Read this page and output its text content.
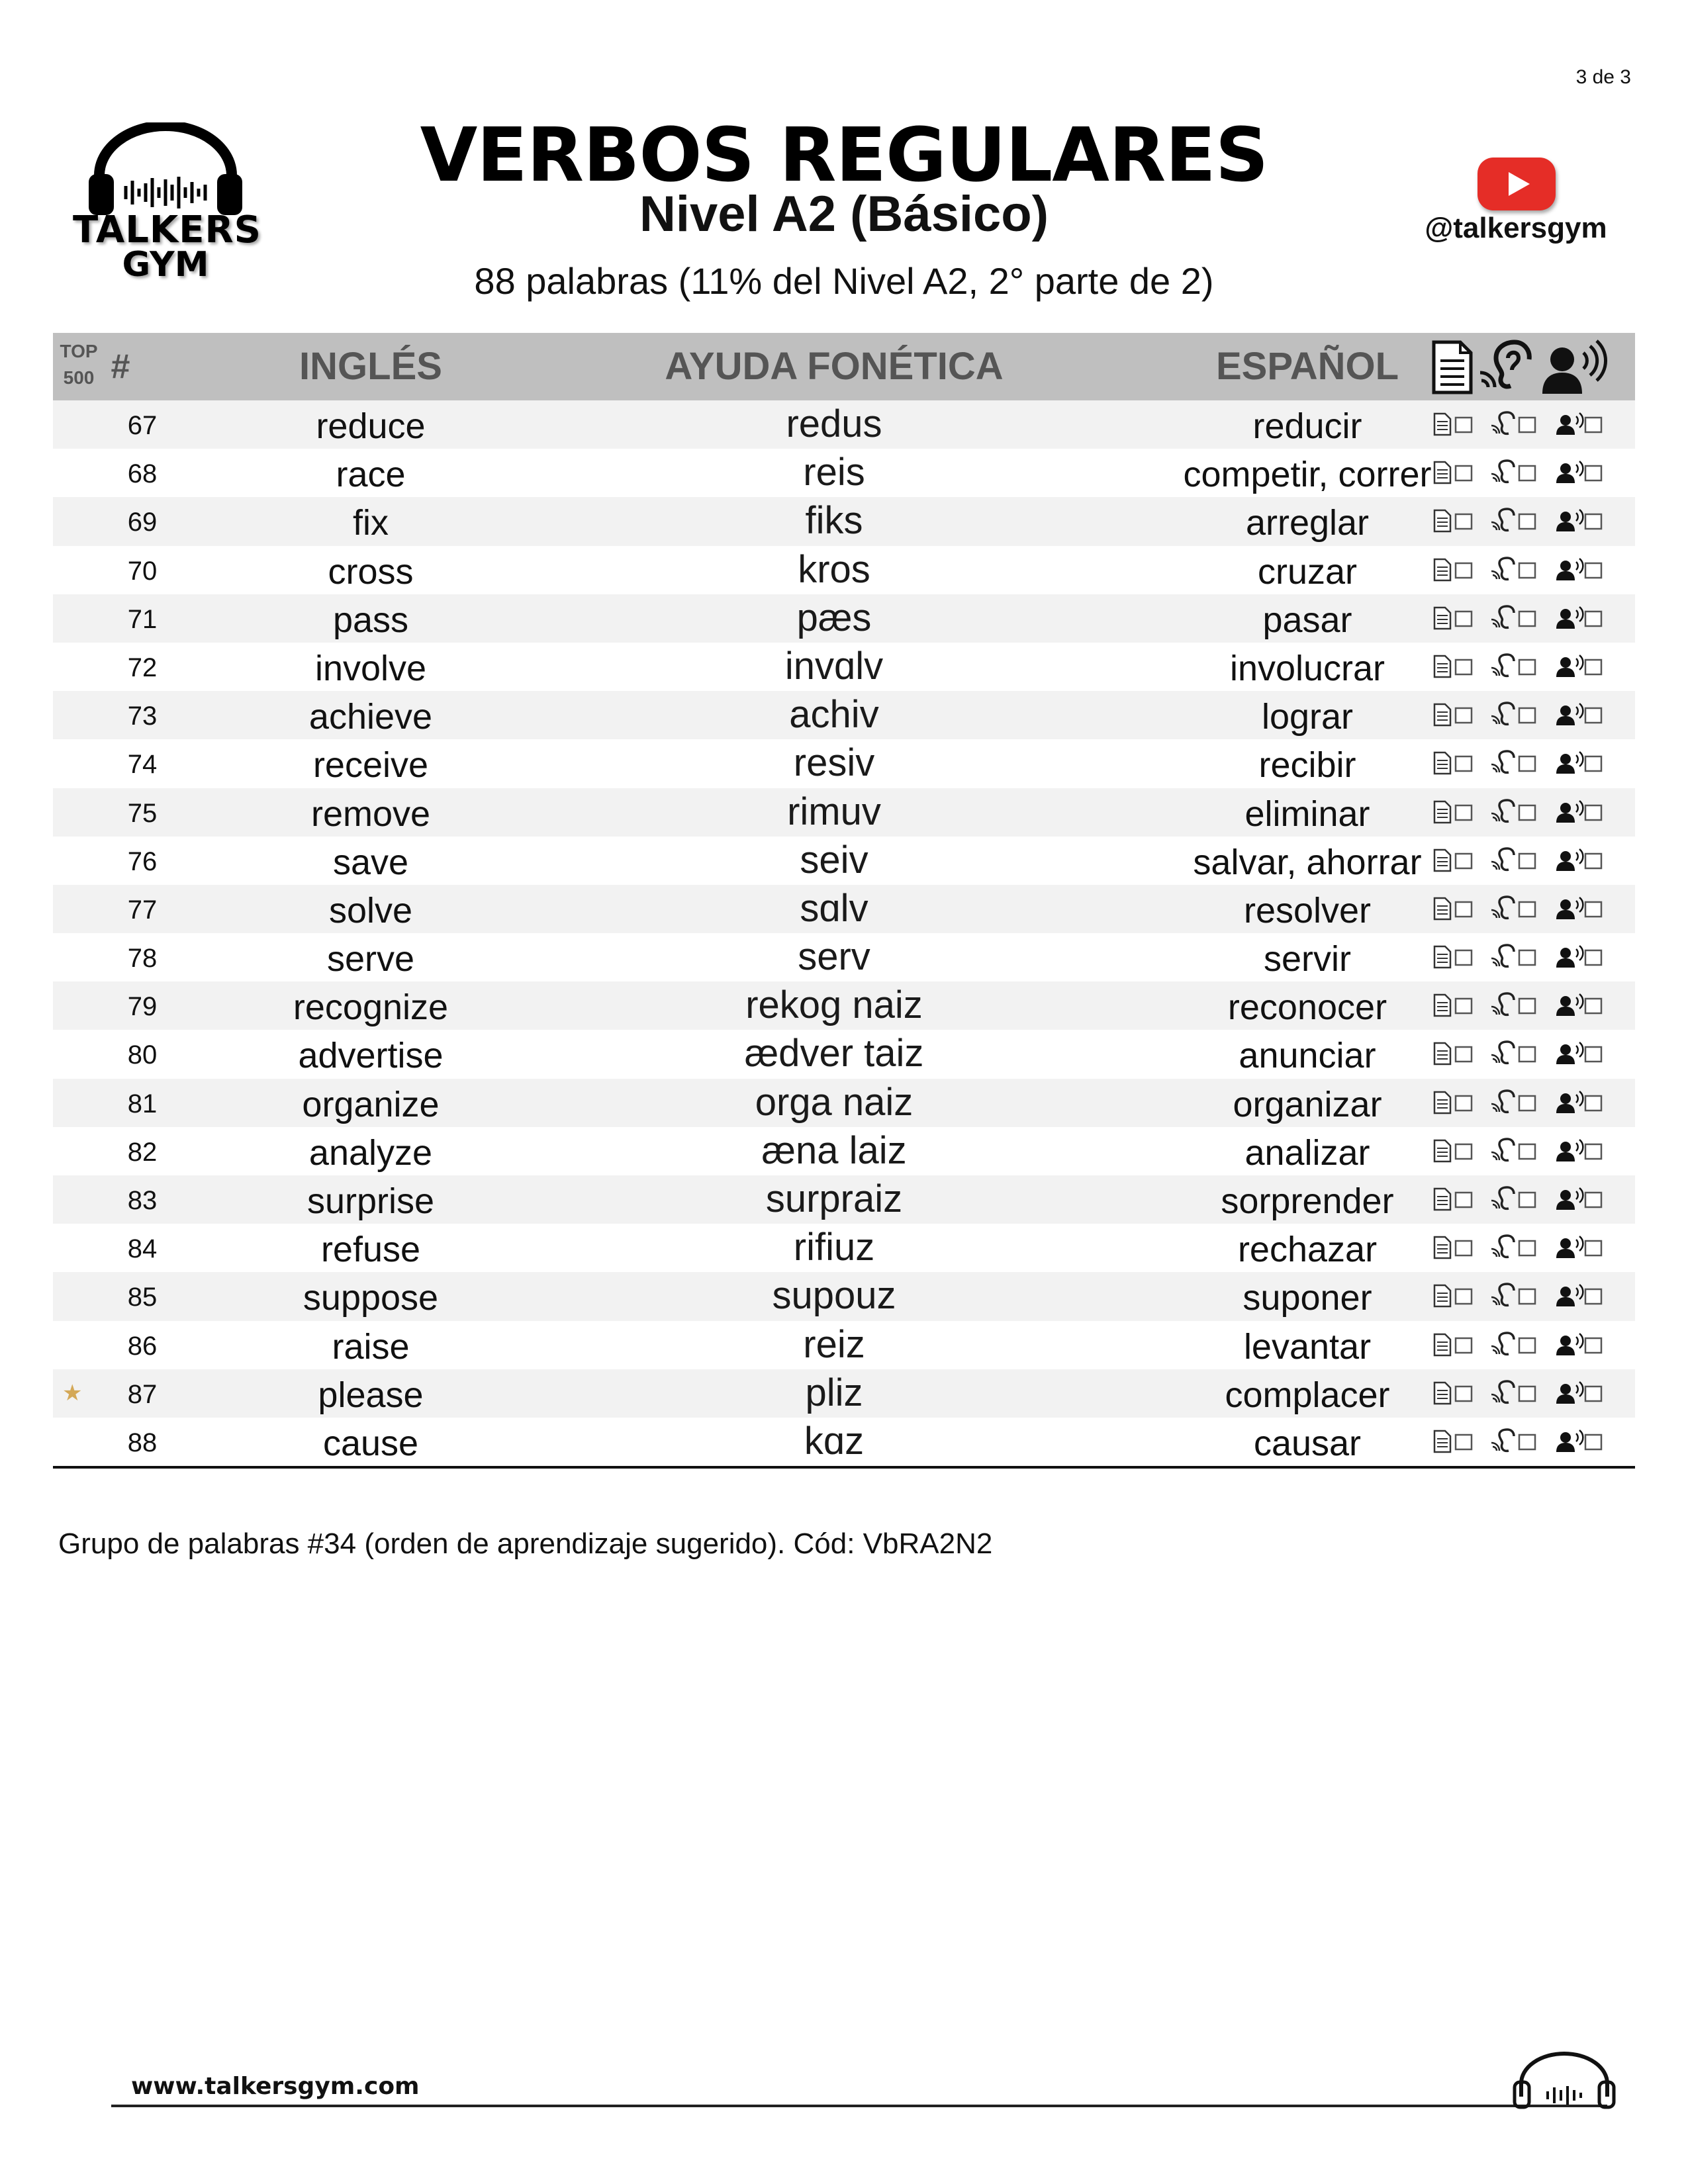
3 de 3
TALKERS
GYM
VERBOS REGULARES
Nivel A2 (Básico)
88 palabras (11% del Nivel A2, 2° parte de 2)
@talkersgym
TOP
500 #	INGLÉS	AYUDA FONÉTICA	ESPAÑOL
67	reduce	redus	reducir
68	race	reis	competir, correr
69	fix	fiks	arreglar
70	cross	kros	cruzar
71	pass	pæs	pasar
72	involve	invɑlv	involucrar
73	achieve	achiv	lograr
74	receive	resiv	recibir
75	remove	rimuv	eliminar
76	save	seiv	salvar, ahorrar
77	solve	sɑlv	resolver
78	serve	serv	servir
79	recognize	rekog naiz	reconocer
80	advertise	ædver taiz	anunciar
81	organize	orga naiz	organizar
82	analyze	æna laiz	analizar
83	surprise	surpraiz	sorprender
84	refuse	rifiuz	rechazar
85	suppose	supouz	suponer
86	raise	reiz	levantar
★	87	please	pliz	complacer
88	cause	kɑz	causar
Grupo de palabras #34 (orden de aprendizaje sugerido). Cód: VbRA2N2
www.talkersgym.com
